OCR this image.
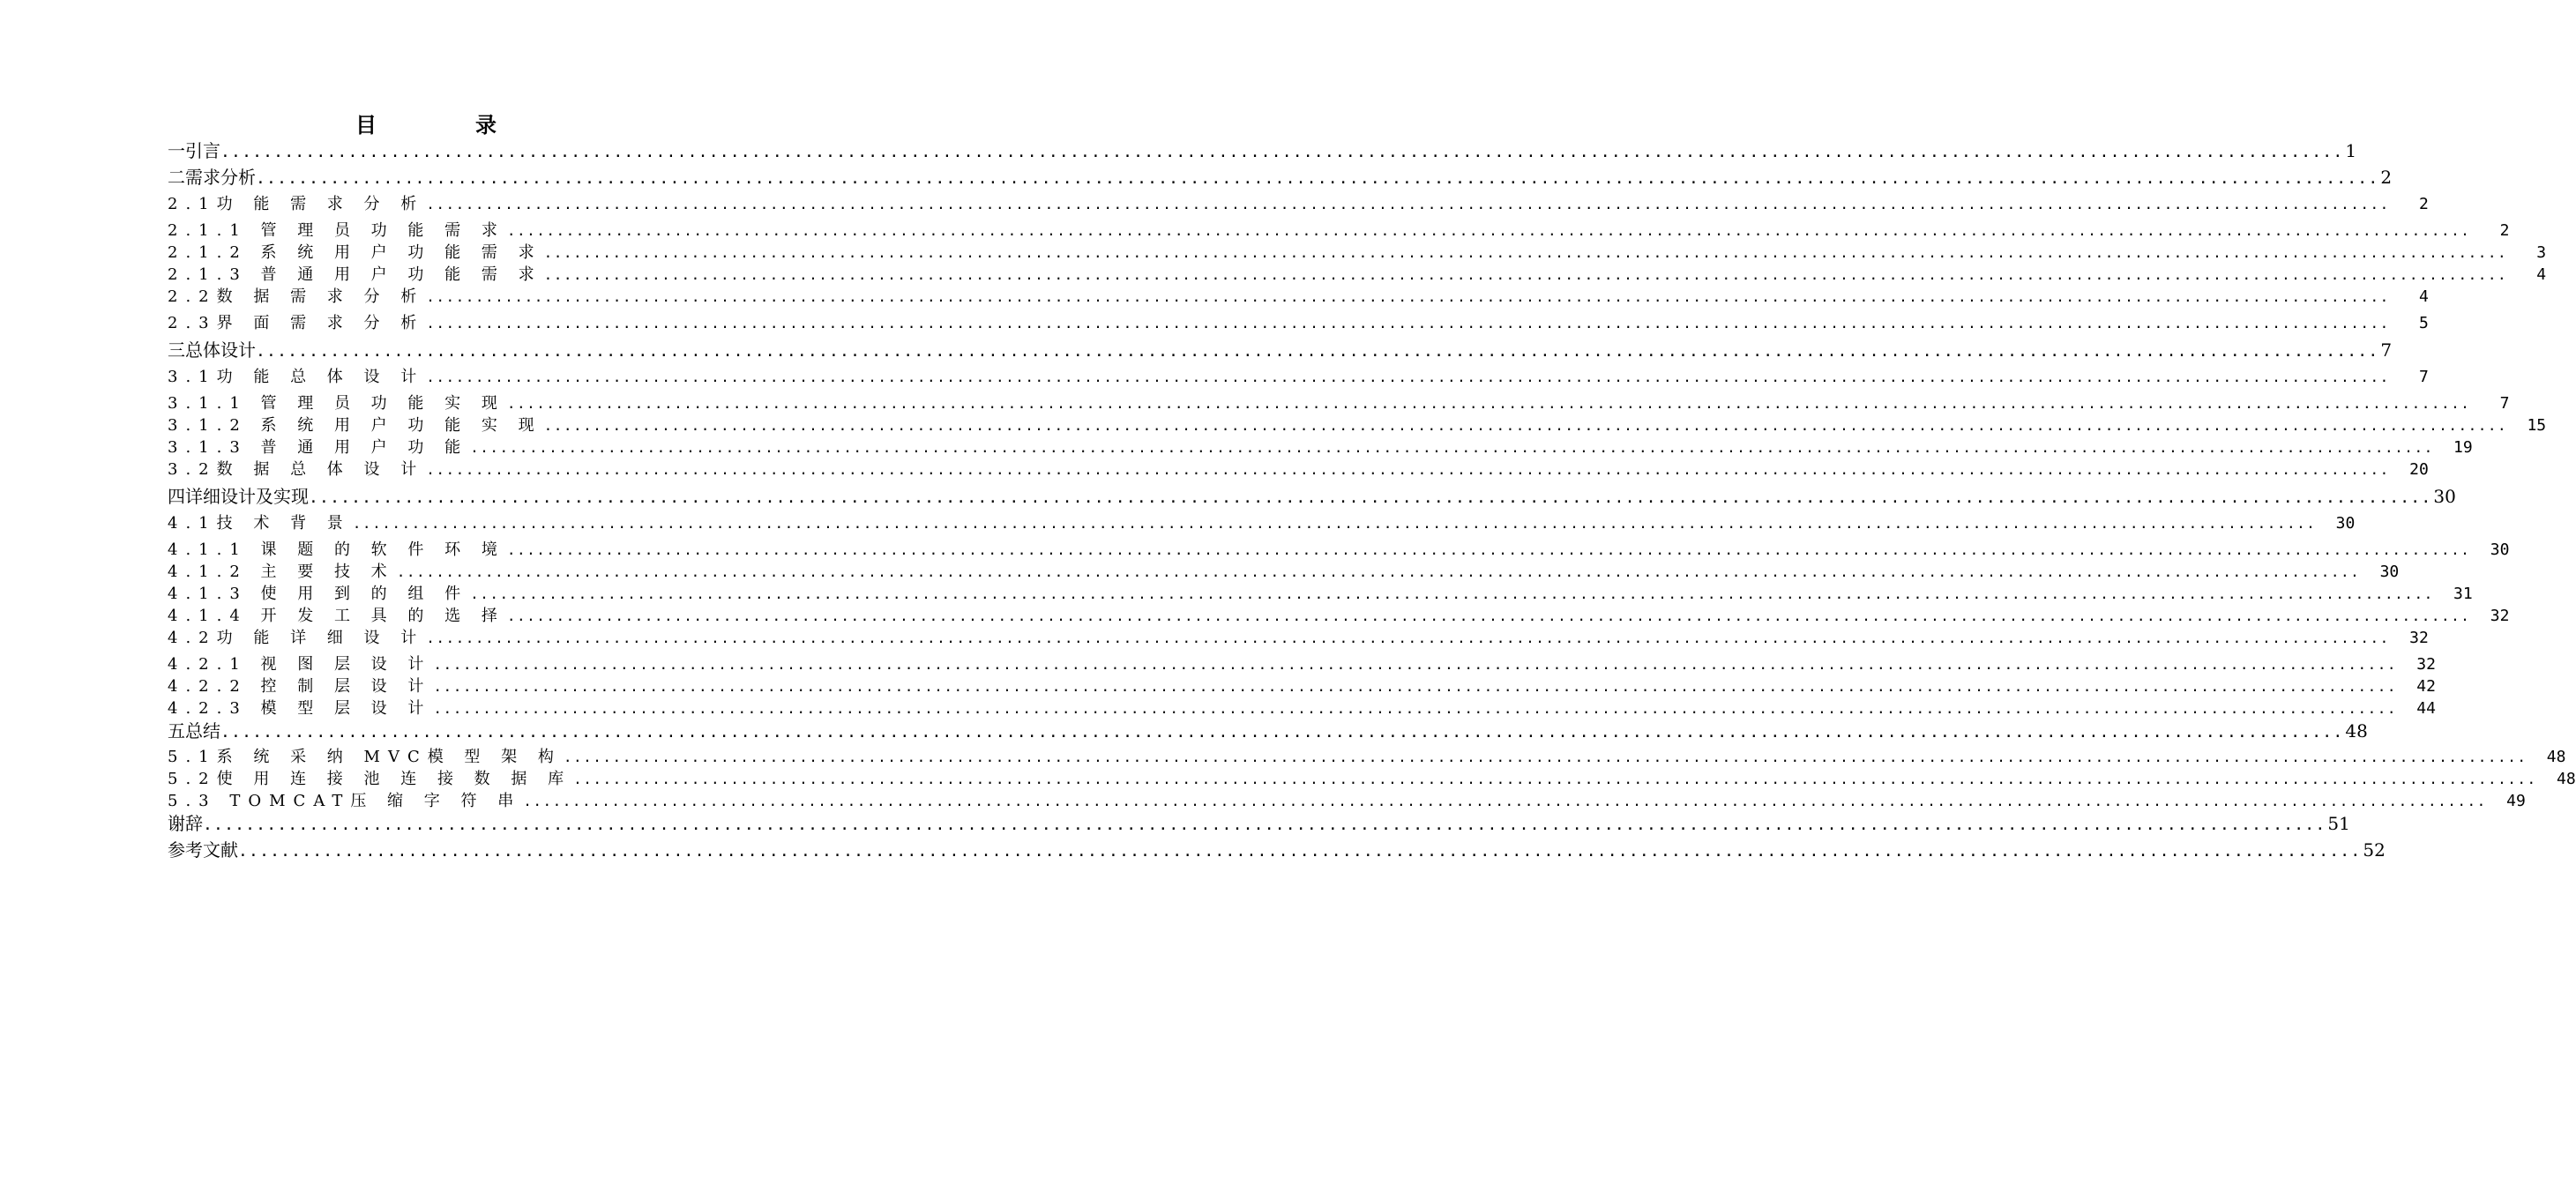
目　录
一引言 ........................................................................................................................................................................................................ 1
二需求分析 ........................................................................................................................................................................................................ 2
2.1功 能 需 求 分 析 ........................................................................................................................................................................................................	2
2.1.1 管 理 员 功 能 需 求 ........................................................................................................................................................................................................	2
2.1.2 系 统 用 户 功 能 需 求 ........................................................................................................................................................................................................	3
2.1.3 普 通 用 户 功 能 需 求 ........................................................................................................................................................................................................	4
2.2数 据 需 求 分 析 ........................................................................................................................................................................................................	4
2.3界 面 需 求 分 析 ........................................................................................................................................................................................................	5
三总体设计 ........................................................................................................................................................................................................ 7
3.1功 能 总 体 设 计 ........................................................................................................................................................................................................	7
3.1.1 管 理 员 功 能 实 现 ........................................................................................................................................................................................................	7
3.1.2 系 统 用 户 功 能 实 现 ........................................................................................................................................................................................................	15
3.1.3 普 通 用 户 功 能 ........................................................................................................................................................................................................	19
3.2数 据 总 体 设 计 ........................................................................................................................................................................................................	20
四详细设计及实现 ........................................................................................................................................................................................................ 30
4.1技 术 背 景 ........................................................................................................................................................................................................	30
4.1.1 课 题 的 软 件 环 境 ........................................................................................................................................................................................................	30
4.1.2 主 要 技 术 ........................................................................................................................................................................................................	30
4.1.3 使 用 到 的 组 件 ........................................................................................................................................................................................................	31
4.1.4 开 发 工 具 的 选 择 ........................................................................................................................................................................................................	32
4.2功 能 详 细 设 计 ........................................................................................................................................................................................................	32
4.2.1 视 图 层 设 计 ........................................................................................................................................................................................................	32
4.2.2 控 制 层 设 计 ........................................................................................................................................................................................................	42
4.2.3 模 型 层 设 计 ........................................................................................................................................................................................................	44
五总结 ........................................................................................................................................................................................................ 48
5.1系 统 采 纳 MVC模 型 架 构 ........................................................................................................................................................................................................	48
5.2使 用 连 接 池 连 接 数 据 库 ........................................................................................................................................................................................................	48
5.3 TOMCAT压 缩 字 符 串 ........................................................................................................................................................................................................	49
谢辞 ........................................................................................................................................................................................................ 51
参考文献 ........................................................................................................................................................................................................ 52
